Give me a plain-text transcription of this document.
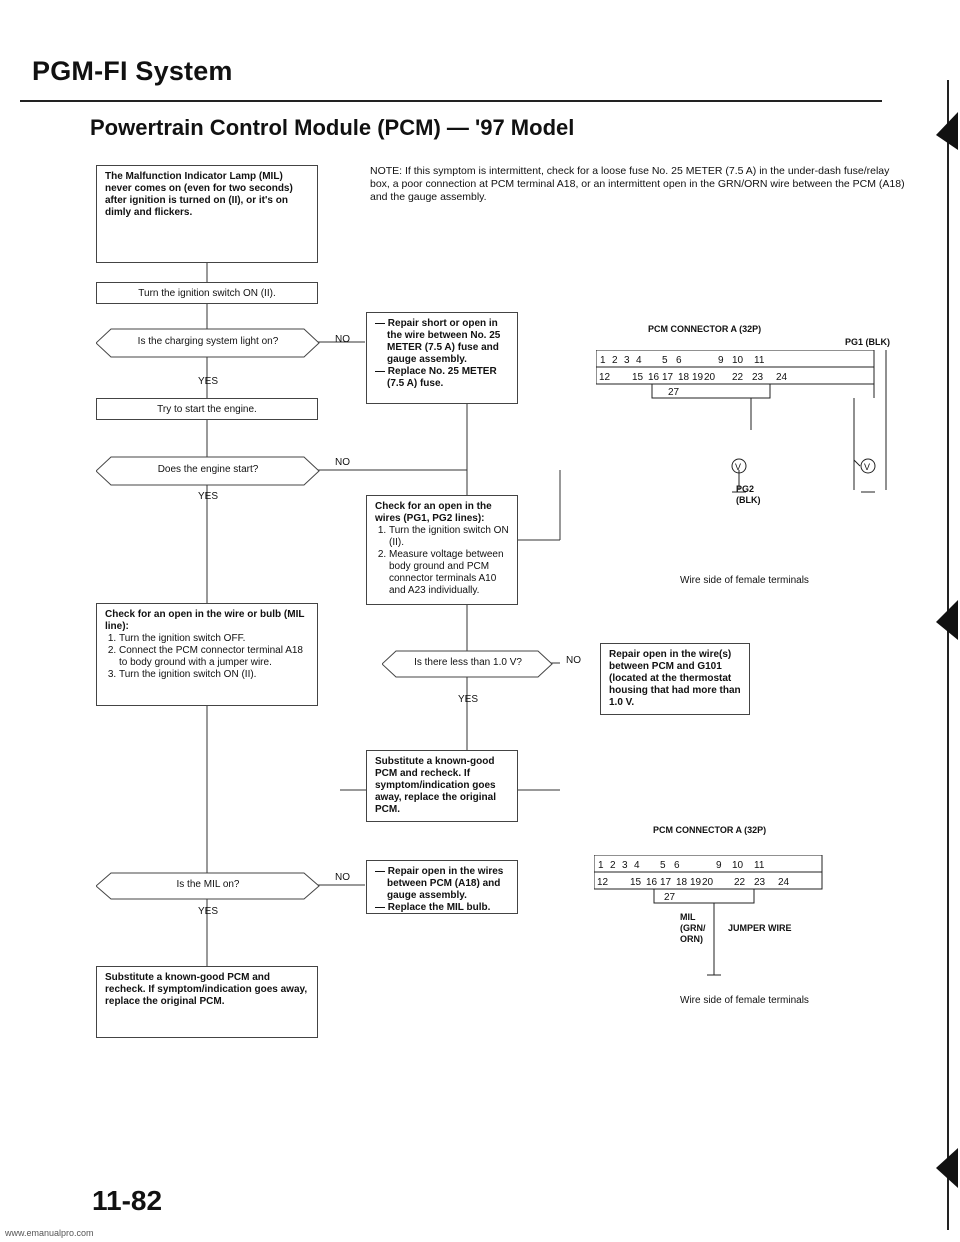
PGM-FI System
Powertrain Control Module (PCM) — '97 Model
NOTE: If this symptom is intermittent, check for a loose fuse No. 25 METER (7.5 A) in the under-dash fuse/relay box, a poor connection at PCM terminal A18, or an intermittent open in the GRN/ORN wire between the PCM (A18) and the gauge assembly.
The Malfunction Indicator Lamp (MIL) never comes on (even for two seconds) after ignition is turned on (II), or it's on dimly and flickers.
Turn the ignition switch ON (II).
Is the charging system light on?	NO
YES
— Repair short or open in the wire between No. 25 METER (7.5 A) fuse and gauge assembly.
— Replace No. 25 METER (7.5 A) fuse.
Try to start the engine.
Does the engine start?
NO
YES
Check for an open in the wires (PG1, PG2 lines):
1. Turn the ignition switch ON (II).
2. Measure voltage between body ground and PCM connector terminals A10 and A23 individually.
Check for an open in the wire or bulb (MIL line):
1. Turn the ignition switch OFF.
2. Connect the PCM connector terminal A18 to body ground with a jumper wire.
3. Turn the ignition switch ON (II).
Is there less than 1.0 V?	NO
YES
Repair open in the wire(s) between PCM and G101 (located at the thermostat housing that had more than 1.0 V.
Substitute a known-good PCM and recheck. If symptom/indication goes away, replace the original PCM.
Is the MIL on?
NO
YES
— Repair open in the wires between PCM (A18) and gauge assembly.
— Replace the MIL bulb.
Substitute a known-good PCM and recheck. If symptom/indication goes away, replace the original PCM.
PCM CONNECTOR A (32P)
PG1 (BLK)
1 2 3 4 5 6	9 10 11
12 15 16 17 18 19 20 22 23 24
27
V	V
PG2
(BLK)
Wire side of female terminals
PCM CONNECTOR A (32P)
1 2 3 4 5 6	9 10 11
12 15 16 17 18 19 20 22 23 24
27
MIL
(GRN/
ORN)
JUMPER WIRE
Wire side of female terminals
11-82
www.emanualpro.com
